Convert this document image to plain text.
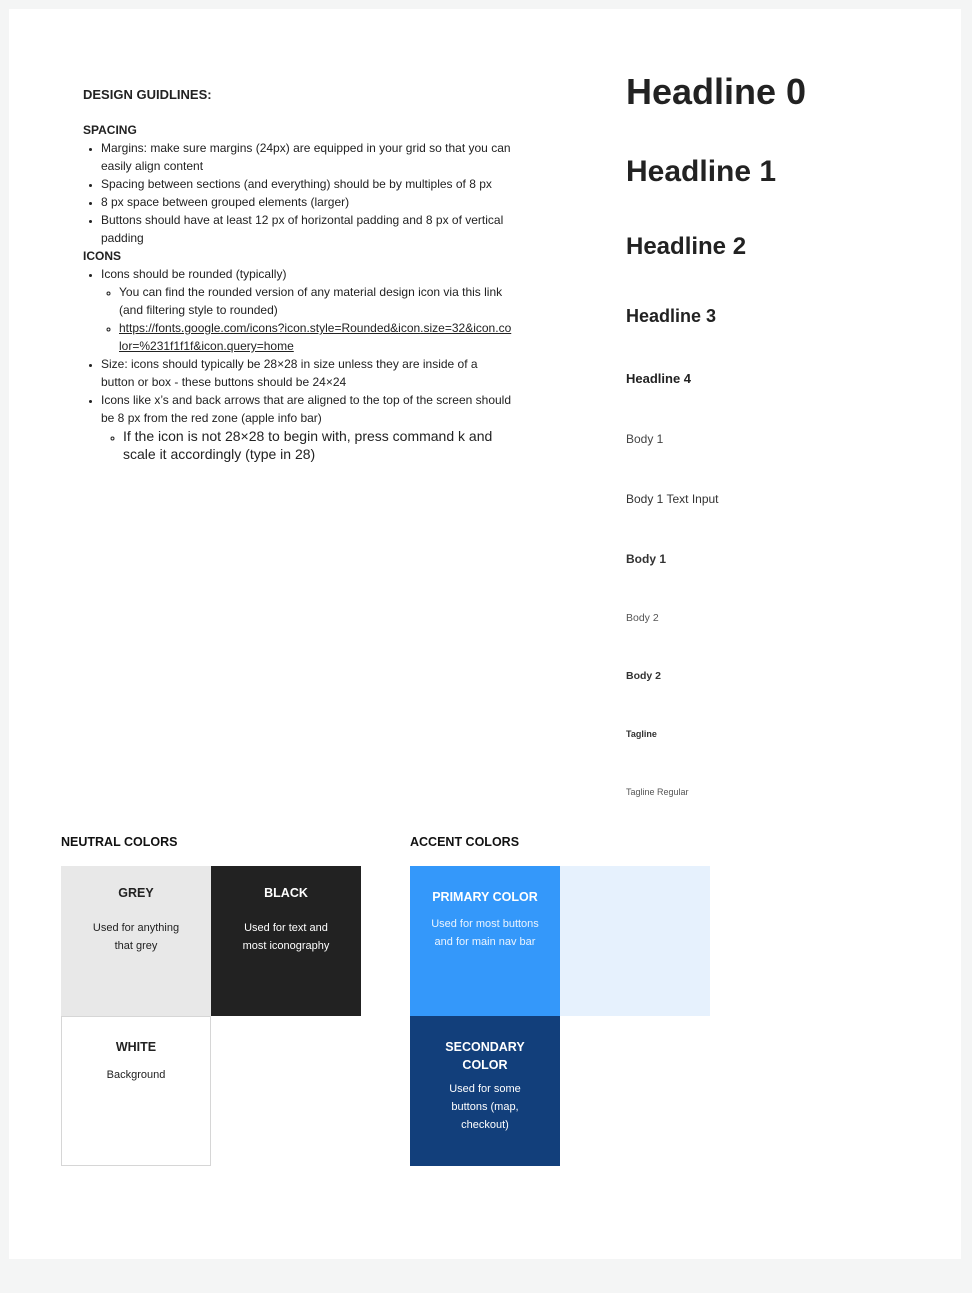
DESIGN GUIDLINES:
SPACING
• Margins: make sure margins (24px) are equipped in your grid so that you can easily align content
• Spacing between sections (and everything) should be by multiples of 8 px
• 8 px space between grouped elements (larger)
• Buttons should have at least 12 px of horizontal padding and 8 px of vertical padding
ICONS
• Icons should be rounded (typically)
◦ You can find the rounded version of any material design icon via this link (and filtering style to rounded)
◦ https://fonts.google.com/icons?icon.style=Rounded&icon.size=32&icon.color=%231f1f1f&icon.query=home
• Size: icons should typically be 28×28 in size unless they are inside of a button or box - these buttons should be 24×24
• Icons like x’s and back arrows that are aligned to the top of the screen should be 8 px from the red zone (apple info bar)
◦ If the icon is not 28×28 to begin with, press command k and scale it accordingly (type in 28)
Headline 0
Headline 1
Headline 2
Headline 3
Headline 4
Body 1
Body 1 Text Input
Body 1
Body 2
Body 2
Tagline
Tagline Regular
NEUTRAL COLORS	ACCENT COLORS
GREY
Used for anything that grey
BLACK
Used for text and most iconography
WHITE
Background
PRIMARY COLOR
Used for most buttons and for main nav bar
SECONDARY COLOR
Used for some buttons (map, checkout)
